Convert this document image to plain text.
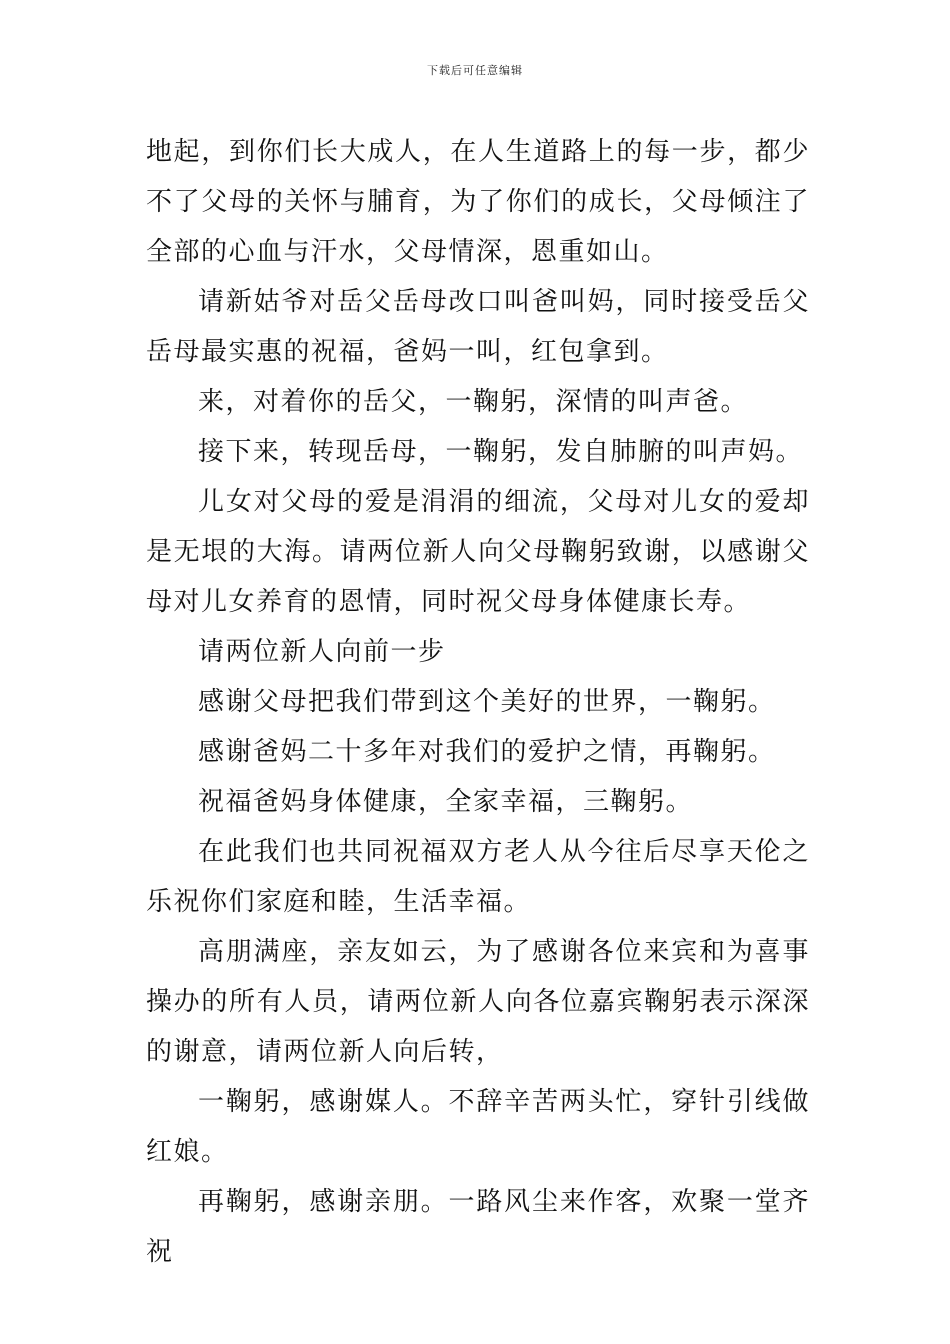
下载后可任意编辑

地起，到你们长大成人，在人生道路上的每一步，都少不了父母的关怀与脯育，为了你们的成长，父母倾注了全部的心血与汗水，父母情深，恩重如山。

请新姑爷对岳父岳母改口叫爸叫妈，同时接受岳父岳母最实惠的祝福，爸妈一叫，红包拿到。

来，对着你的岳父，一鞠躬，深情的叫声爸。

接下来，转现岳母，一鞠躬，发自肺腑的叫声妈。

儿女对父母的爱是涓涓的细流，父母对儿女的爱却是无垠的大海。请两位新人向父母鞠躬致谢，以感谢父母对儿女养育的恩情，同时祝父母身体健康长寿。

请两位新人向前一步

感谢父母把我们带到这个美好的世界，一鞠躬。

感谢爸妈二十多年对我们的爱护之情，再鞠躬。

祝福爸妈身体健康，全家幸福，三鞠躬。

在此我们也共同祝福双方老人从今往后尽享天伦之乐祝你们家庭和睦，生活幸福。

高朋满座，亲友如云，为了感谢各位来宾和为喜事操办的所有人员，请两位新人向各位嘉宾鞠躬表示深深的谢意，请两位新人向后转，

一鞠躬，感谢媒人。不辞辛苦两头忙，穿针引线做红娘。

再鞠躬，感谢亲朋。一路风尘来作客，欢聚一堂齐祝
